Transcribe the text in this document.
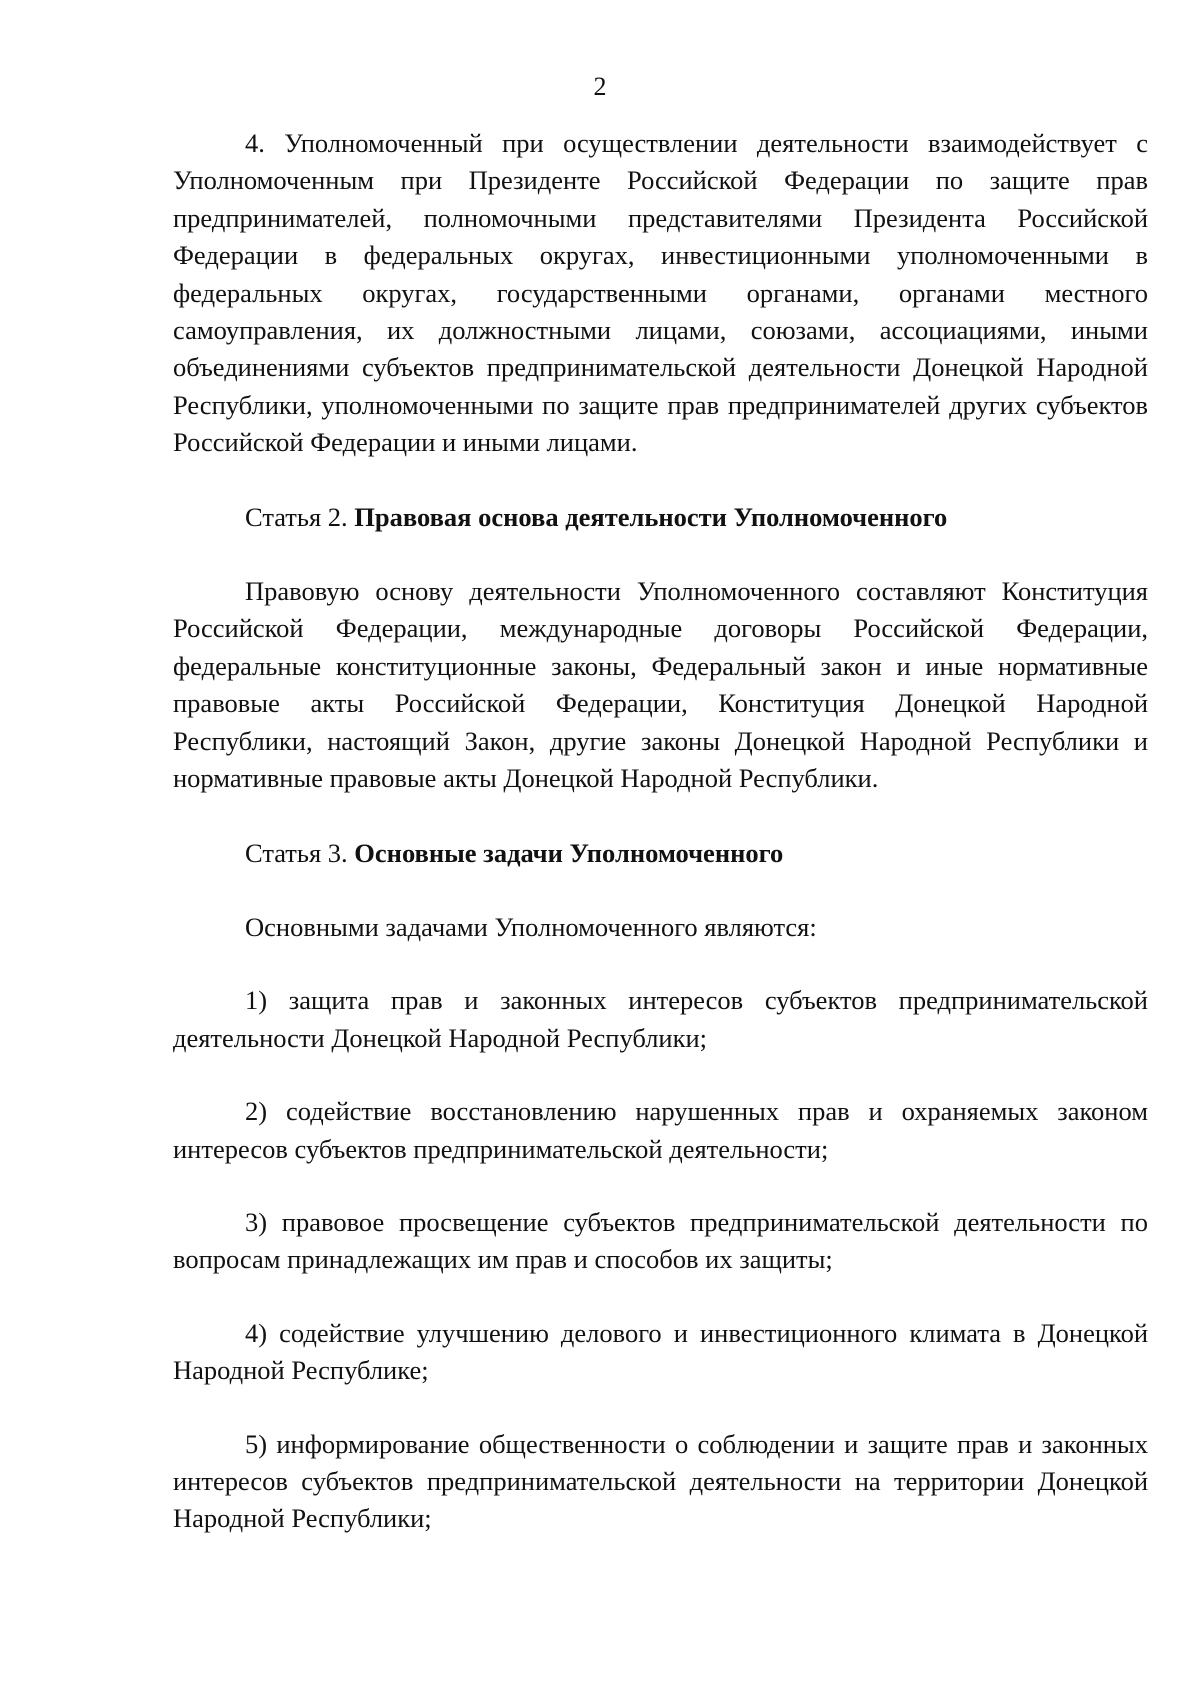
2

4. Уполномоченный при осуществлении деятельности взаимодействует с Уполномоченным при Президенте Российской Федерации по защите прав предпринимателей, полномочными представителями Президента Российской Федерации в федеральных округах, инвестиционными уполномоченными в федеральных округах, государственными органами, органами местного самоуправления, их должностными лицами, союзами, ассоциациями, иными объединениями субъектов предпринимательской деятельности Донецкой Народной Республики, уполномоченными по защите прав предпринимателей других субъектов Российской Федерации и иными лицами.

Статья 2. Правовая основа деятельности Уполномоченного

Правовую основу деятельности Уполномоченного составляют Конституция Российской Федерации, международные договоры Российской Федерации, федеральные конституционные законы, Федеральный закон и иные нормативные правовые акты Российской Федерации, Конституция Донецкой Народной Республики, настоящий Закон, другие законы Донецкой Народной Республики и нормативные правовые акты Донецкой Народной Республики.

Статья 3. Основные задачи Уполномоченного

Основными задачами Уполномоченного являются:

1) защита прав и законных интересов субъектов предпринимательской деятельности Донецкой Народной Республики;

2) содействие восстановлению нарушенных прав и охраняемых законом интересов субъектов предпринимательской деятельности;

3) правовое просвещение субъектов предпринимательской деятельности по вопросам принадлежащих им прав и способов их защиты;

4) содействие улучшению делового и инвестиционного климата в Донецкой Народной Республике;

5) информирование общественности о соблюдении и защите прав и законных интересов субъектов предпринимательской деятельности на территории Донецкой Народной Республики;
